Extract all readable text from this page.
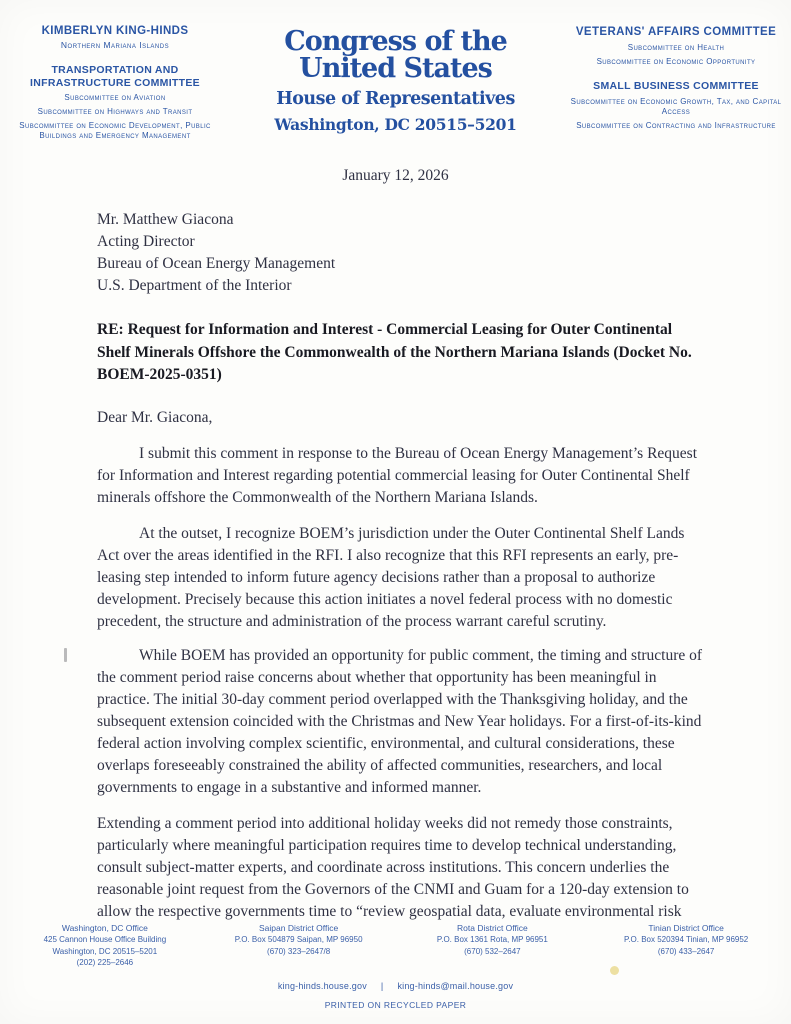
KIMBERLYN KING-HINDS
Northern Mariana Islands
TRANSPORTATION AND INFRASTRUCTURE COMMITTEE
Subcommittee on Aviation
Subcommittee on Highways and Transit
Subcommittee on Economic Development, Public Buildings and Emergency Management
Congress of the United States
House of Representatives
Washington, DC 20515–5201
VETERANS' AFFAIRS COMMITTEE
Subcommittee on Health
Subcommittee on Economic Opportunity
SMALL BUSINESS COMMITTEE
Subcommittee on Economic Growth, Tax, and Capital Access
Subcommittee on Contracting and Infrastructure
January 12, 2026
Mr. Matthew Giacona
Acting Director
Bureau of Ocean Energy Management
U.S. Department of the Interior
RE: Request for Information and Interest - Commercial Leasing for Outer Continental Shelf Minerals Offshore the Commonwealth of the Northern Mariana Islands (Docket No. BOEM-2025-0351)
Dear Mr. Giacona,

I submit this comment in response to the Bureau of Ocean Energy Management’s Request for Information and Interest regarding potential commercial leasing for Outer Continental Shelf minerals offshore the Commonwealth of the Northern Mariana Islands.

At the outset, I recognize BOEM’s jurisdiction under the Outer Continental Shelf Lands Act over the areas identified in the RFI. I also recognize that this RFI represents an early, pre-leasing step intended to inform future agency decisions rather than a proposal to authorize development. Precisely because this action initiates a novel federal process with no domestic precedent, the structure and administration of the process warrant careful scrutiny.

While BOEM has provided an opportunity for public comment, the timing and structure of the comment period raise concerns about whether that opportunity has been meaningful in practice. The initial 30-day comment period overlapped with the Thanksgiving holiday, and the subsequent extension coincided with the Christmas and New Year holidays. For a first-of-its-kind federal action involving complex scientific, environmental, and cultural considerations, these overlaps foreseeably constrained the ability of affected communities, researchers, and local governments to engage in a substantive and informed manner.

Extending a comment period into additional holiday weeks did not remedy those constraints, particularly where meaningful participation requires time to develop technical understanding, consult subject-matter experts, and coordinate across institutions. This concern underlies the reasonable joint request from the Governors of the CNMI and Guam for a 120-day extension to allow the respective governments time to “review geospatial data, evaluate environmental risk

Washington, DC Office
425 Cannon House Office Building
Washington, DC 20515–5201
(202) 225–2646
Saipan District Office
P.O. Box 504879 Saipan, MP 96950
(670) 323–2647/8
Rota District Office
P.O. Box 1361 Rota, MP 96951
(670) 532–2647
Tinian District Office
P.O. Box 520394 Tinian, MP 96952
(670) 433–2647
king-hinds.house.gov | king-hinds@mail.house.gov
PRINTED ON RECYCLED PAPER
